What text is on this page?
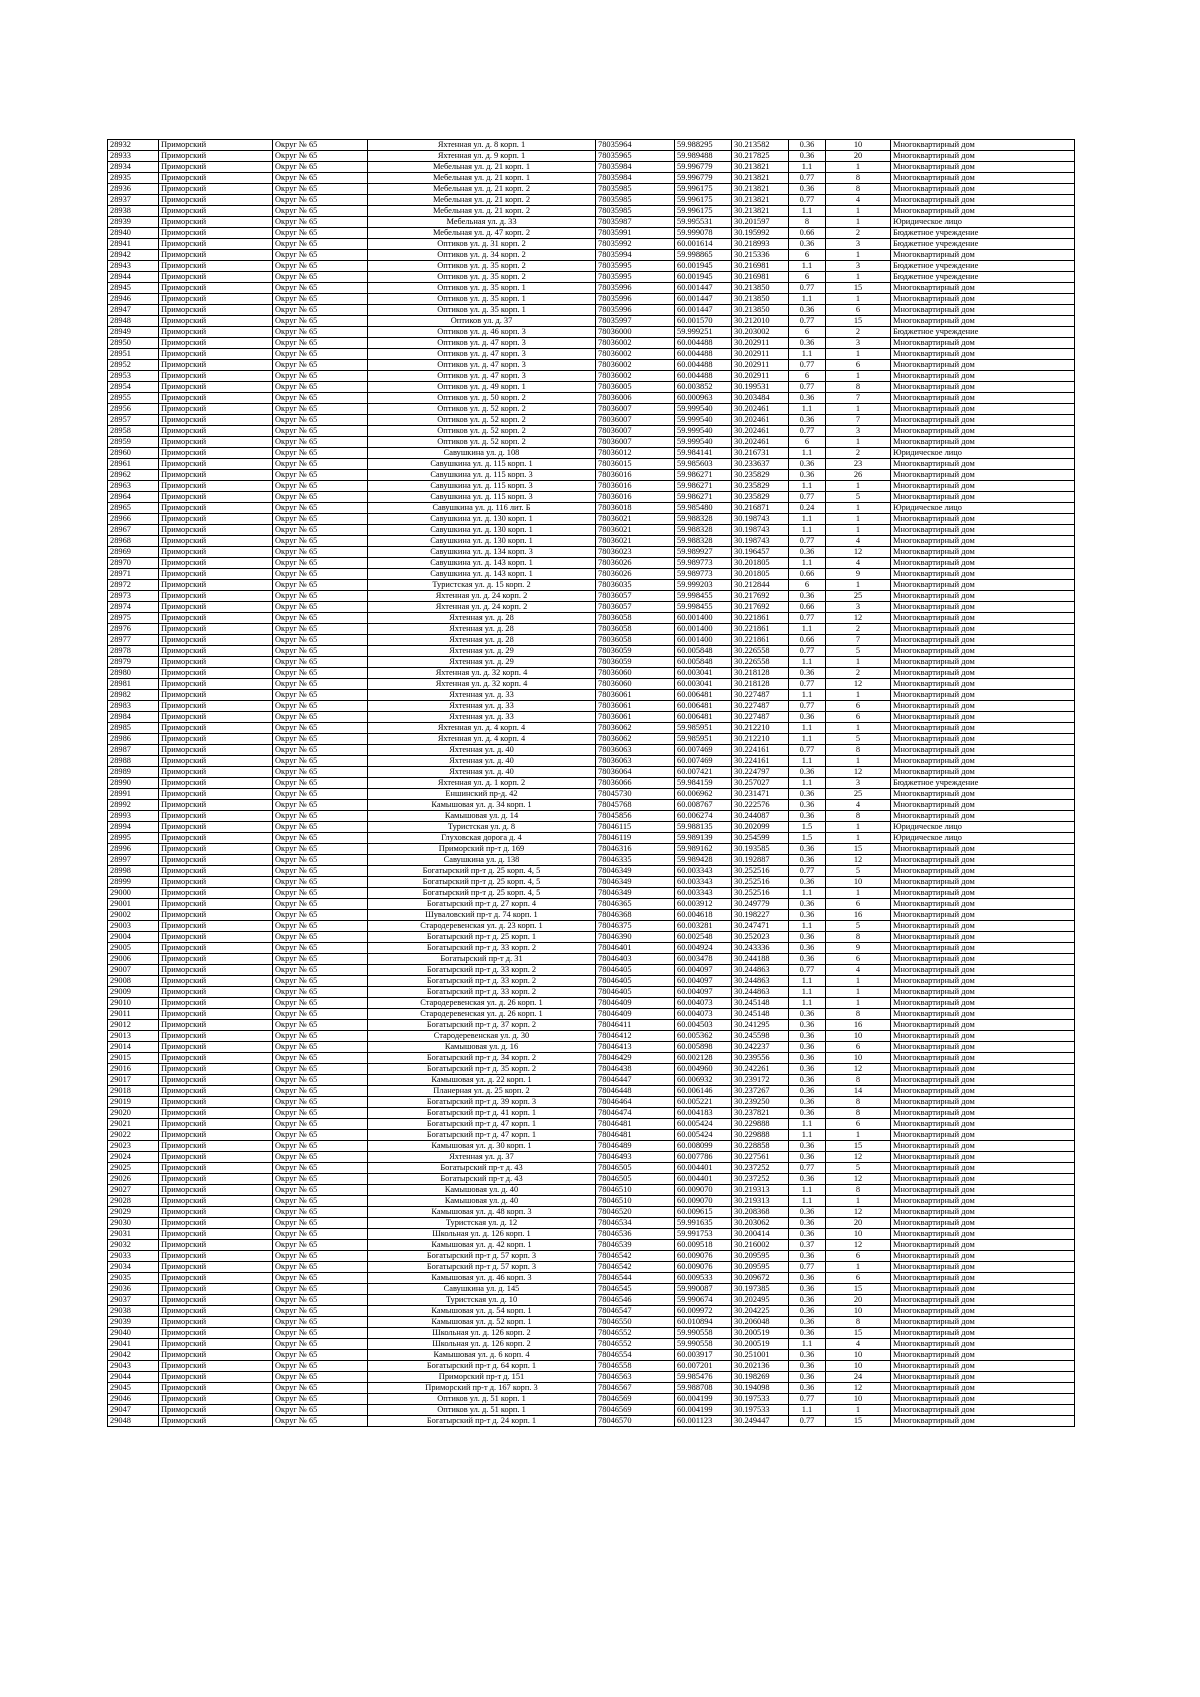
28932	Приморский	Округ № 65	Яхтенная ул. д. 8 корп. 1	78035964	59.988295	30.213582	0.36	10	Многоквартирный дом
28933	Приморский	Округ № 65	Яхтенная ул. д. 9 корп. 1	78035965	59.989488	30.217825	0.36	20	Многоквартирный дом
28934	Приморский	Округ № 65	Мебельная ул. д. 21 корп. 1	78035984	59.996779	30.213821	1.1	1	Многоквартирный дом
28935	Приморский	Округ № 65	Мебельная ул. д. 21 корп. 1	78035984	59.996779	30.213821	0.77	8	Многоквартирный дом
28936	Приморский	Округ № 65	Мебельная ул. д. 21 корп. 2	78035985	59.996175	30.213821	0.36	8	Многоквартирный дом
28937	Приморский	Округ № 65	Мебельная ул. д. 21 корп. 2	78035985	59.996175	30.213821	0.77	4	Многоквартирный дом
28938	Приморский	Округ № 65	Мебельная ул. д. 21 корп. 2	78035985	59.996175	30.213821	1.1	1	Многоквартирный дом
28939	Приморский	Округ № 65	Мебельная ул. д. 33	78035987	59.995531	30.201597	8	1	Юридическое лицо
28940	Приморский	Округ № 65	Мебельная ул. д. 47 корп. 2	78035991	59.999078	30.195992	0.66	2	Бюджетное учреждение
28941	Приморский	Округ № 65	Оптиков ул. д. 31 корп. 2	78035992	60.001614	30.218993	0.36	3	Бюджетное учреждение
28942	Приморский	Округ № 65	Оптиков ул. д. 34 корп. 2	78035994	59.998865	30.215336	6	1	Многоквартирный дом
28943	Приморский	Округ № 65	Оптиков ул. д. 35 корп. 2	78035995	60.001945	30.216981	1.1	3	Бюджетное учреждение
28944	Приморский	Округ № 65	Оптиков ул. д. 35 корп. 2	78035995	60.001945	30.216981	6	1	Бюджетное учреждение
28945	Приморский	Округ № 65	Оптиков ул. д. 35 корп. 1	78035996	60.001447	30.213850	0.77	15	Многоквартирный дом
28946	Приморский	Округ № 65	Оптиков ул. д. 35 корп. 1	78035996	60.001447	30.213850	1.1	1	Многоквартирный дом
28947	Приморский	Округ № 65	Оптиков ул. д. 35 корп. 1	78035996	60.001447	30.213850	0.36	6	Многоквартирный дом
28948	Приморский	Округ № 65	Оптиков ул. д. 37	78035997	60.001570	30.212010	0.77	15	Многоквартирный дом
28949	Приморский	Округ № 65	Оптиков ул. д. 46 корп. 3	78036000	59.999251	30.203002	6	2	Бюджетное учреждение
28950	Приморский	Округ № 65	Оптиков ул. д. 47 корп. 3	78036002	60.004488	30.202911	0.36	3	Многоквартирный дом
28951	Приморский	Округ № 65	Оптиков ул. д. 47 корп. 3	78036002	60.004488	30.202911	1.1	1	Многоквартирный дом
28952	Приморский	Округ № 65	Оптиков ул. д. 47 корп. 3	78036002	60.004488	30.202911	0.77	6	Многоквартирный дом
28953	Приморский	Округ № 65	Оптиков ул. д. 47 корп. 3	78036002	60.004488	30.202911	6	1	Многоквартирный дом
28954	Приморский	Округ № 65	Оптиков ул. д. 49 корп. 1	78036005	60.003852	30.199531	0.77	8	Многоквартирный дом
28955	Приморский	Округ № 65	Оптиков ул. д. 50 корп. 2	78036006	60.000963	30.203484	0.36	7	Многоквартирный дом
28956	Приморский	Округ № 65	Оптиков ул. д. 52 корп. 2	78036007	59.999540	30.202461	1.1	1	Многоквартирный дом
28957	Приморский	Округ № 65	Оптиков ул. д. 52 корп. 2	78036007	59.999540	30.202461	0.36	7	Многоквартирный дом
28958	Приморский	Округ № 65	Оптиков ул. д. 52 корп. 2	78036007	59.999540	30.202461	0.77	3	Многоквартирный дом
28959	Приморский	Округ № 65	Оптиков ул. д. 52 корп. 2	78036007	59.999540	30.202461	6	1	Многоквартирный дом
28960	Приморский	Округ № 65	Савушкина ул. д. 108	78036012	59.984141	30.216731	1.1	2	Юридическое лицо
28961	Приморский	Округ № 65	Савушкина ул. д. 115 корп. 1	78036015	59.985603	30.233637	0.36	23	Многоквартирный дом
28962	Приморский	Округ № 65	Савушкина ул. д. 115 корп. 3	78036016	59.986271	30.235829	0.36	26	Многоквартирный дом
28963	Приморский	Округ № 65	Савушкина ул. д. 115 корп. 3	78036016	59.986271	30.235829	1.1	1	Многоквартирный дом
28964	Приморский	Округ № 65	Савушкина ул. д. 115 корп. 3	78036016	59.986271	30.235829	0.77	5	Многоквартирный дом
28965	Приморский	Округ № 65	Савушкина ул. д. 116 лит. Б	78036018	59.985480	30.216871	0.24	1	Юридическое лицо
28966	Приморский	Округ № 65	Савушкина ул. д. 130 корп. 1	78036021	59.988328	30.198743	1.1	1	Многоквартирный дом
28967	Приморский	Округ № 65	Савушкина ул. д. 130 корп. 1	78036021	59.988328	30.198743	1.1	1	Многоквартирный дом
28968	Приморский	Округ № 65	Савушкина ул. д. 130 корп. 1	78036021	59.988328	30.198743	0.77	4	Многоквартирный дом
28969	Приморский	Округ № 65	Савушкина ул. д. 134 корп. 3	78036023	59.989927	30.196457	0.36	12	Многоквартирный дом
28970	Приморский	Округ № 65	Савушкина ул. д. 143 корп. 1	78036026	59.989773	30.201805	1.1	4	Многоквартирный дом
28971	Приморский	Округ № 65	Савушкина ул. д. 143 корп. 1	78036026	59.989773	30.201805	0.66	9	Многоквартирный дом
28972	Приморский	Округ № 65	Туристская ул. д. 15 корп. 2	78036035	59.999203	30.212844	6	1	Многоквартирный дом
28973	Приморский	Округ № 65	Яхтенная ул. д. 24 корп. 2	78036057	59.998455	30.217692	0.36	25	Многоквартирный дом
28974	Приморский	Округ № 65	Яхтенная ул. д. 24 корп. 2	78036057	59.998455	30.217692	0.66	3	Многоквартирный дом
28975	Приморский	Округ № 65	Яхтенная ул. д. 28	78036058	60.001400	30.221861	0.77	12	Многоквартирный дом
28976	Приморский	Округ № 65	Яхтенная ул. д. 28	78036058	60.001400	30.221861	1.1	2	Многоквартирный дом
28977	Приморский	Округ № 65	Яхтенная ул. д. 28	78036058	60.001400	30.221861	0.66	7	Многоквартирный дом
28978	Приморский	Округ № 65	Яхтенная ул. д. 29	78036059	60.005848	30.226558	0.77	5	Многоквартирный дом
28979	Приморский	Округ № 65	Яхтенная ул. д. 29	78036059	60.005848	30.226558	1.1	1	Многоквартирный дом
28980	Приморский	Округ № 65	Яхтенная ул. д. 32 корп. 4	78036060	60.003041	30.218128	0.36	2	Многоквартирный дом
28981	Приморский	Округ № 65	Яхтенная ул. д. 32 корп. 4	78036060	60.003041	30.218128	0.77	12	Многоквартирный дом
28982	Приморский	Округ № 65	Яхтенная ул. д. 33	78036061	60.006481	30.227487	1.1	1	Многоквартирный дом
28983	Приморский	Округ № 65	Яхтенная ул. д. 33	78036061	60.006481	30.227487	0.77	6	Многоквартирный дом
28984	Приморский	Округ № 65	Яхтенная ул. д. 33	78036061	60.006481	30.227487	0.36	6	Многоквартирный дом
28985	Приморский	Округ № 65	Яхтенная ул. д. 4 корп. 4	78036062	59.985951	30.212210	1.1	1	Многоквартирный дом
28986	Приморский	Округ № 65	Яхтенная ул. д. 4 корп. 4	78036062	59.985951	30.212210	1.1	5	Многоквартирный дом
28987	Приморский	Округ № 65	Яхтенная ул. д. 40	78036063	60.007469	30.224161	0.77	8	Многоквартирный дом
28988	Приморский	Округ № 65	Яхтенная ул. д. 40	78036063	60.007469	30.224161	1.1	1	Многоквартирный дом
28989	Приморский	Округ № 65	Яхтенная ул. д. 40	78036064	60.007421	30.224797	0.36	12	Многоквартирный дом
28990	Приморский	Округ № 65	Яхтенная ул. д. 1 корп. 2	78036066	59.984159	30.257027	1.1	3	Бюджетное учреждение
28991	Приморский	Округ № 65	Еншинский пр-д. 42	78045730	60.006962	30.231471	0.36	25	Многоквартирный дом
28992	Приморский	Округ № 65	Камышовая ул. д. 34 корп. 1	78045768	60.008767	30.222576	0.36	4	Многоквартирный дом
28993	Приморский	Округ № 65	Камышовая ул. д. 14	78045856	60.006274	30.244087	0.36	8	Многоквартирный дом
28994	Приморский	Округ № 65	Туристская ул. д. 8	78046115	59.988135	30.202099	1.5	1	Юридическое лицо
28995	Приморский	Округ № 65	Глуховская дорога д. 4	78046119	59.989139	30.254599	1.5	1	Юридическое лицо
28996	Приморский	Округ № 65	Приморский пр-т д. 169	78046316	59.989162	30.193585	0.36	15	Многоквартирный дом
28997	Приморский	Округ № 65	Савушкина ул. д. 138	78046335	59.989428	30.192887	0.36	12	Многоквартирный дом
28998	Приморский	Округ № 65	Богатырский пр-т д. 25 корп. 4, 5	78046349	60.003343	30.252516	0.77	5	Многоквартирный дом
28999	Приморский	Округ № 65	Богатырский пр-т д. 25 корп. 4, 5	78046349	60.003343	30.252516	0.36	10	Многоквартирный дом
29000	Приморский	Округ № 65	Богатырский пр-т д. 25 корп. 4, 5	78046349	60.003343	30.252516	1.1	1	Многоквартирный дом
29001	Приморский	Округ № 65	Богатырский пр-т д. 27 корп. 4	78046365	60.003912	30.249779	0.36	6	Многоквартирный дом
29002	Приморский	Округ № 65	Шуваловский пр-т д. 74 корп. 1	78046368	60.004618	30.198227	0.36	16	Многоквартирный дом
29003	Приморский	Округ № 65	Стародеревенская ул. д. 23 корп. 1	78046375	60.003281	30.247471	1.1	5	Многоквартирный дом
29004	Приморский	Округ № 65	Богатырский пр-т д. 25 корп. 1	78046390	60.002548	30.252023	0.36	8	Многоквартирный дом
29005	Приморский	Округ № 65	Богатырский пр-т д. 33 корп. 2	78046401	60.004924	30.243336	0.36	9	Многоквартирный дом
29006	Приморский	Округ № 65	Богатырский пр-т д. 31	78046403	60.003478	30.244188	0.36	6	Многоквартирный дом
29007	Приморский	Округ № 65	Богатырский пр-т д. 33 корп. 2	78046405	60.004097	30.244863	0.77	4	Многоквартирный дом
29008	Приморский	Округ № 65	Богатырский пр-т д. 33 корп. 2	78046405	60.004097	30.244863	1.1	1	Многоквартирный дом
29009	Приморский	Округ № 65	Богатырский пр-т д. 33 корп. 2	78046405	60.004097	30.244863	1.1	1	Многоквартирный дом
29010	Приморский	Округ № 65	Стародеревенская ул. д. 26 корп. 1	78046409	60.004073	30.245148	1.1	1	Многоквартирный дом
29011	Приморский	Округ № 65	Стародеревенская ул. д. 26 корп. 1	78046409	60.004073	30.245148	0.36	8	Многоквартирный дом
29012	Приморский	Округ № 65	Богатырский пр-т д. 37 корп. 2	78046411	60.004503	30.241295	0.36	16	Многоквартирный дом
29013	Приморский	Округ № 65	Стародеревенская ул. д. 30	78046412	60.005362	30.245598	0.36	10	Многоквартирный дом
29014	Приморский	Округ № 65	Камышовая ул. д. 16	78046413	60.005898	30.242237	0.36	6	Многоквартирный дом
29015	Приморский	Округ № 65	Богатырский пр-т д. 34 корп. 2	78046429	60.002128	30.239556	0.36	10	Многоквартирный дом
29016	Приморский	Округ № 65	Богатырский пр-т д. 35 корп. 2	78046438	60.004960	30.242261	0.36	12	Многоквартирный дом
29017	Приморский	Округ № 65	Камышовая ул. д. 22 корп. 1	78046447	60.006932	30.239172	0.36	8	Многоквартирный дом
29018	Приморский	Округ № 65	Планерная ул. д. 25 корп. 2	78046448	60.006146	30.237267	0.36	14	Многоквартирный дом
29019	Приморский	Округ № 65	Богатырский пр-т д. 39 корп. 3	78046464	60.005221	30.239250	0.36	8	Многоквартирный дом
29020	Приморский	Округ № 65	Богатырский пр-т д. 41 корп. 1	78046474	60.004183	30.237821	0.36	8	Многоквартирный дом
29021	Приморский	Округ № 65	Богатырский пр-т д. 47 корп. 1	78046481	60.005424	30.229888	1.1	6	Многоквартирный дом
29022	Приморский	Округ № 65	Богатырский пр-т д. 47 корп. 1	78046481	60.005424	30.229888	1.1	1	Многоквартирный дом
29023	Приморский	Округ № 65	Камышовая ул. д. 30 корп. 1	78046489	60.008099	30.228858	0.36	15	Многоквартирный дом
29024	Приморский	Округ № 65	Яхтенная ул. д. 37	78046493	60.007786	30.227561	0.36	12	Многоквартирный дом
29025	Приморский	Округ № 65	Богатырский пр-т д. 43	78046505	60.004401	30.237252	0.77	5	Многоквартирный дом
29026	Приморский	Округ № 65	Богатырский пр-т д. 43	78046505	60.004401	30.237252	0.36	12	Многоквартирный дом
29027	Приморский	Округ № 65	Камышовая ул. д. 40	78046510	60.009070	30.219313	1.1	8	Многоквартирный дом
29028	Приморский	Округ № 65	Камышовая ул. д. 40	78046510	60.009070	30.219313	1.1	1	Многоквартирный дом
29029	Приморский	Округ № 65	Камышовая ул. д. 48 корп. 3	78046520	60.009615	30.208368	0.36	12	Многоквартирный дом
29030	Приморский	Округ № 65	Туристская ул. д. 12	78046534	59.991635	30.203062	0.36	20	Многоквартирный дом
29031	Приморский	Округ № 65	Школьная ул. д. 126 корп. 1	78046536	59.991753	30.200414	0.36	10	Многоквартирный дом
29032	Приморский	Округ № 65	Камышовая ул. д. 42 корп. 1	78046539	60.009518	30.216002	0.37	12	Многоквартирный дом
29033	Приморский	Округ № 65	Богатырский пр-т д. 57 корп. 3	78046542	60.009076	30.209595	0.36	6	Многоквартирный дом
29034	Приморский	Округ № 65	Богатырский пр-т д. 57 корп. 3	78046542	60.009076	30.209595	0.77	1	Многоквартирный дом
29035	Приморский	Округ № 65	Камышовая ул. д. 46 корп. 3	78046544	60.009533	30.209672	0.36	6	Многоквартирный дом
29036	Приморский	Округ № 65	Савушкина ул. д. 145	78046545	59.990087	30.197385	0.36	15	Многоквартирный дом
29037	Приморский	Округ № 65	Туристская ул. д. 10	78046546	59.990674	30.202495	0.36	20	Многоквартирный дом
29038	Приморский	Округ № 65	Камышовая ул. д. 54 корп. 1	78046547	60.009972	30.204225	0.36	10	Многоквартирный дом
29039	Приморский	Округ № 65	Камышовая ул. д. 52 корп. 1	78046550	60.010894	30.206048	0.36	8	Многоквартирный дом
29040	Приморский	Округ № 65	Школьная ул. д. 126 корп. 2	78046552	59.990558	30.200519	0.36	15	Многоквартирный дом
29041	Приморский	Округ № 65	Школьная ул. д. 126 корп. 2	78046552	59.990558	30.200519	1.1	4	Многоквартирный дом
29042	Приморский	Округ № 65	Камышовая ул. д. 6 корп. 4	78046554	60.003917	30.251001	0.36	10	Многоквартирный дом
29043	Приморский	Округ № 65	Богатырский пр-т д. 64 корп. 1	78046558	60.007201	30.202136	0.36	10	Многоквартирный дом
29044	Приморский	Округ № 65	Приморский пр-т д. 151	78046563	59.985476	30.198269	0.36	24	Многоквартирный дом
29045	Приморский	Округ № 65	Приморский пр-т д. 167 корп. 3	78046567	59.988708	30.194098	0.36	12	Многоквартирный дом
29046	Приморский	Округ № 65	Оптиков ул. д. 51 корп. 1	78046569	60.004199	30.197533	0.77	10	Многоквартирный дом
29047	Приморский	Округ № 65	Оптиков ул. д. 51 корп. 1	78046569	60.004199	30.197533	1.1	1	Многоквартирный дом
29048	Приморский	Округ № 65	Богатырский пр-т д. 24 корп. 1	78046570	60.001123	30.249447	0.77	15	Многоквартирный дом
